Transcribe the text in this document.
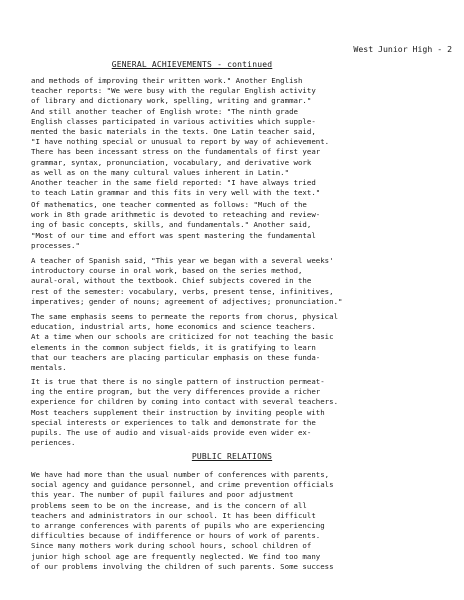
West Junior High - 2

GENERAL ACHIEVEMENTS - continued

and methods of improving their written work." Another English
teacher reports: "We were busy with the regular English activity
of library and dictionary work, spelling, writing and grammar."
And still another teacher of English wrote: "The ninth grade
English classes participated in various activities which supple-
mented the basic materials in the texts. One Latin teacher said,
"I have nothing special or unusual to report by way of achievement.
There has been incessant stress on the fundamentals of first year
grammar, syntax, pronunciation, vocabulary, and derivative work
as well as on the many cultural values inherent in Latin."
Another teacher in the same field reported: "I have always tried
to teach Latin grammar and this fits in very well with the text."

Of mathematics, one teacher commented as follows: "Much of the
work in 8th grade arithmetic is devoted to reteaching and review-
ing of basic concepts, skills, and fundamentals." Another said,
"Most of our time and effort was spent mastering the fundamental
processes."

A teacher of Spanish said, "This year we began with a several weeks'
introductory course in oral work, based on the series method,
aural-oral, without the textbook. Chief subjects covered in the
rest of the semester: vocabulary, verbs, present tense, infinitives,
imperatives; gender of nouns; agreement of adjectives; pronunciation."

The same emphasis seems to permeate the reports from chorus, physical
education, industrial arts, home economics and science teachers.
At a time when our schools are criticized for not teaching the basic
elements in the common subject fields, it is gratifying to learn
that our teachers are placing particular emphasis on these funda-
mentals.

It is true that there is no single pattern of instruction permeat-
ing the entire program, but the very differences provide a richer
experience for children by coming into contact with several teachers.
Most teachers supplement their instruction by inviting people with
special interests or experiences to talk and demonstrate for the
pupils. The use of audio and visual-aids provide even wider ex-
periences.

PUBLIC RELATIONS

We have had more than the usual number of conferences with parents,
social agency and guidance personnel, and crime prevention officials
this year. The number of pupil failures and poor adjustment
problems seem to be on the increase, and is the concern of all
teachers and administrators in our school. It has been difficult
to arrange conferences with parents of pupils who are experiencing
difficulties because of indifference or hours of work of parents.
Since many mothers work during school hours, school children of
junior high school age are frequently neglected. We find too many
of our problems involving the children of such parents. Some success
